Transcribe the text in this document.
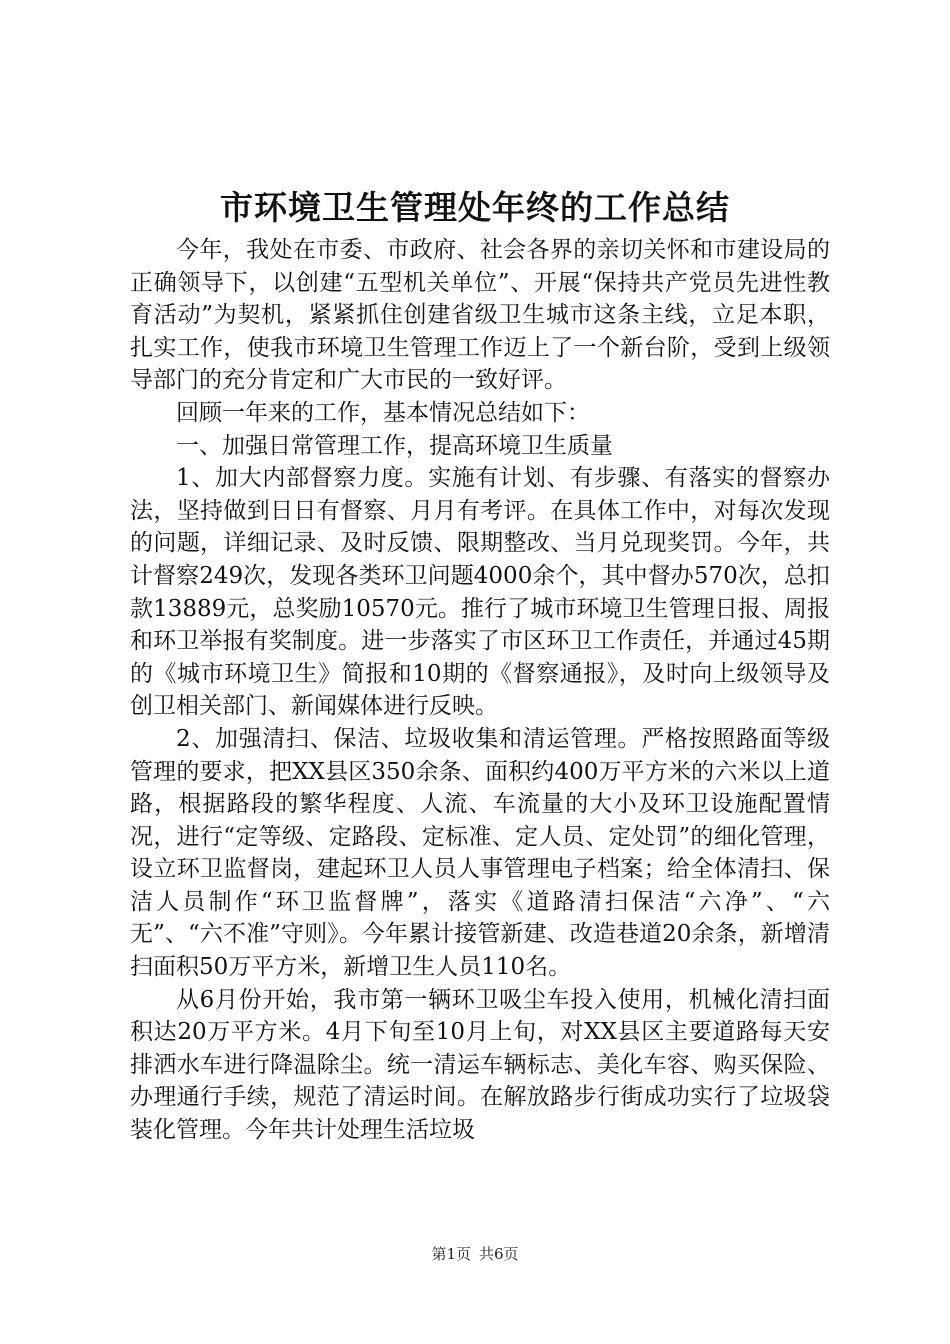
市环境卫生管理处年终的工作总结

今年，我处在市委、市政府、社会各界的亲切关怀和市建设局的正确领导下，以创建“五型机关单位”、开展“保持共产党员先进性教育活动”为契机，紧紧抓住创建省级卫生城市这条主线，立足本职，扎实工作，使我市环境卫生管理工作迈上了一个新台阶，受到上级领导部门的充分肯定和广大市民的一致好评。

回顾一年来的工作，基本情况总结如下：

一、加强日常管理工作，提高环境卫生质量

1、加大内部督察力度。实施有计划、有步骤、有落实的督察办法，坚持做到日日有督察、月月有考评。在具体工作中，对每次发现的问题，详细记录、及时反馈、限期整改、当月兑现奖罚。今年，共计督察249次，发现各类环卫问题4000余个，其中督办570次，总扣款13889元，总奖励10570元。推行了城市环境卫生管理日报、周报和环卫举报有奖制度。进一步落实了市区环卫工作责任，并通过45期的《城市环境卫生》简报和10期的《督察通报》，及时向上级领导及创卫相关部门、新闻媒体进行反映。

2、加强清扫、保洁、垃圾收集和清运管理。严格按照路面等级管理的要求，把XX县区350余条、面积约400万平方米的六米以上道路，根据路段的繁华程度、人流、车流量的大小及环卫设施配置情况，进行“定等级、定路段、定标准、定人员、定处罚”的细化管理，设立环卫监督岗，建起环卫人员人事管理电子档案；给全体清扫、保洁人员制作“环卫监督牌”，落实《道路清扫保洁“六净”、“六无”、“六不准”守则》。今年累计接管新建、改造巷道20余条，新增清扫面积50万平方米，新增卫生人员110名。

从6月份开始，我市第一辆环卫吸尘车投入使用，机械化清扫面积达20万平方米。4月下旬至10月上旬，对XX县区主要道路每天安排洒水车进行降温除尘。统一清运车辆标志、美化车容、购买保险、办理通行手续，规范了清运时间。在解放路步行街成功实行了垃圾袋装化管理。今年共计处理生活垃圾

第1页 共6页
